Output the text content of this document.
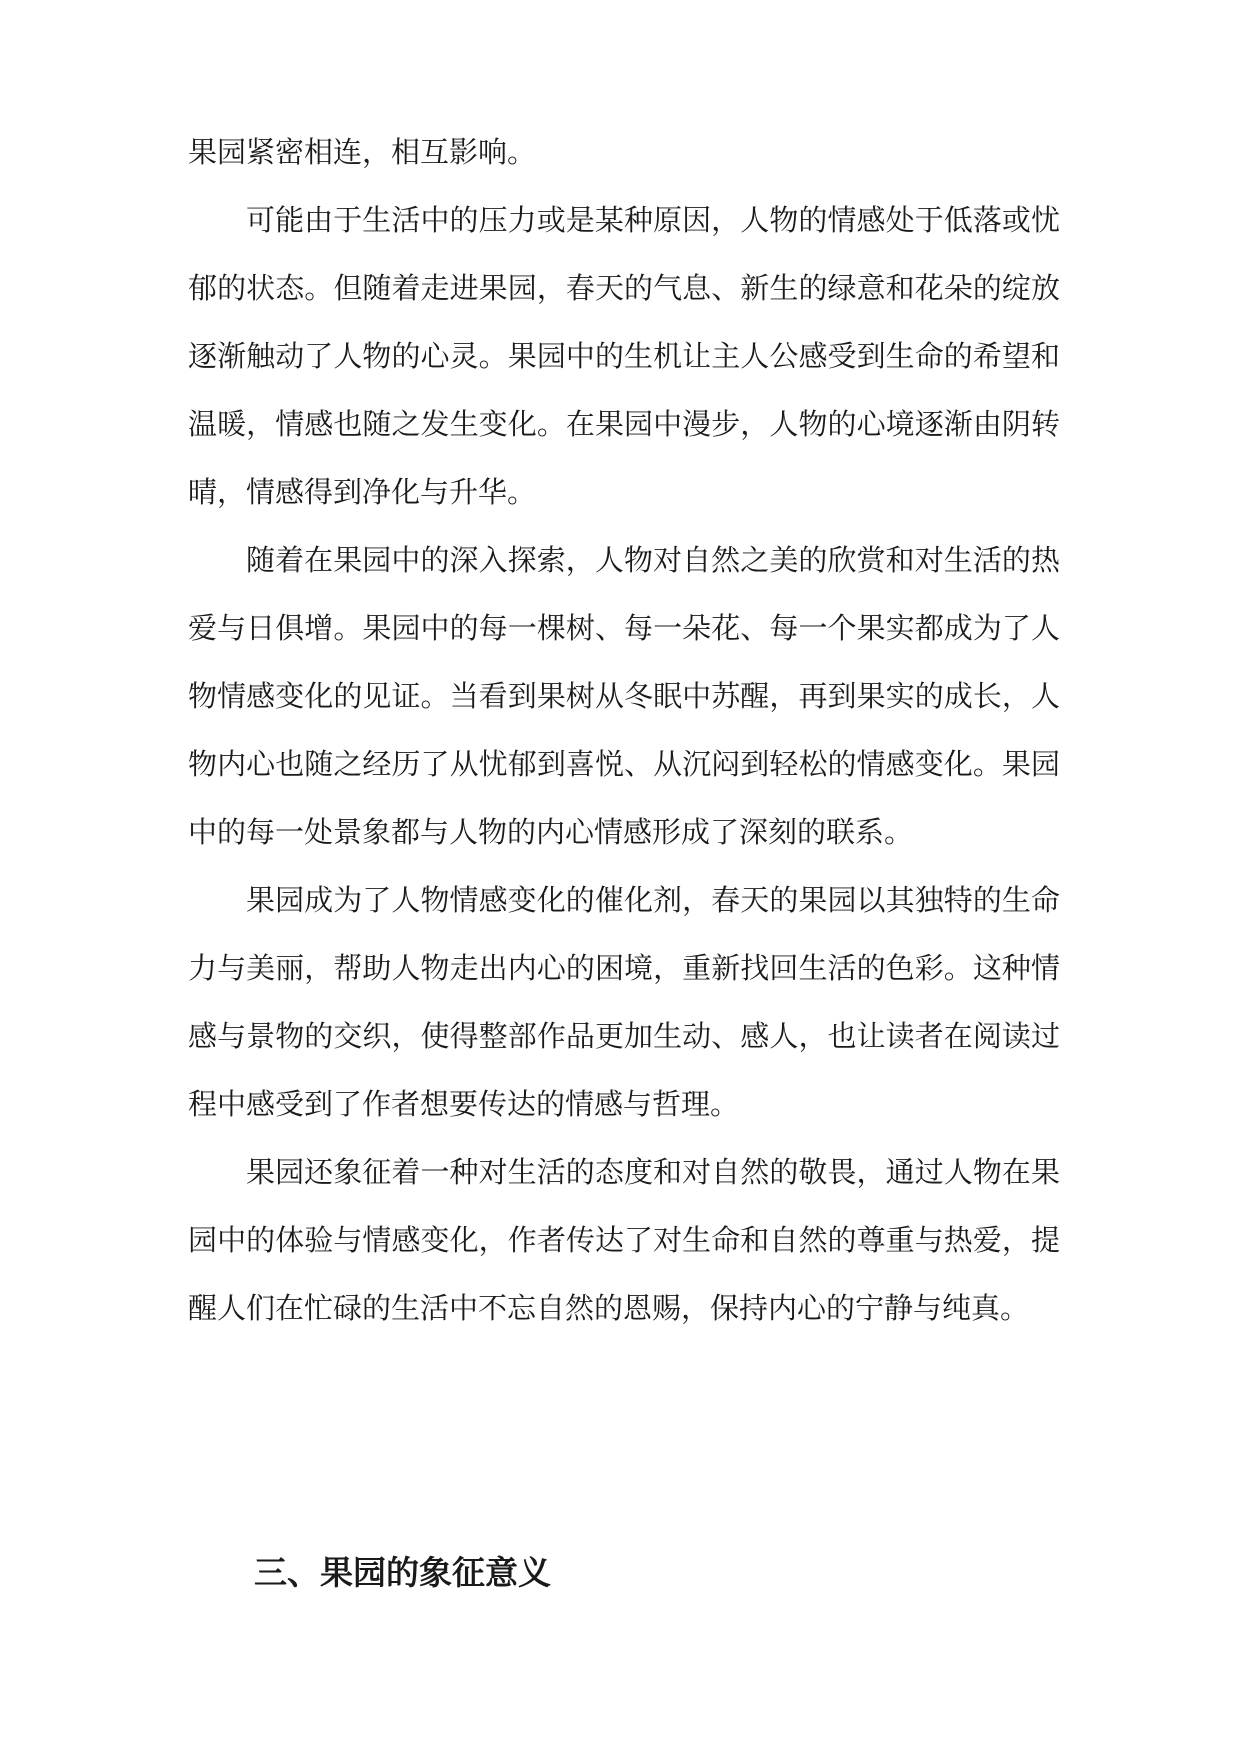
果园紧密相连，相互影响。
可能由于生活中的压力或是某种原因，人物的情感处于低落或忧
郁的状态。但随着走进果园，春天的气息、新生的绿意和花朵的绽放
逐渐触动了人物的心灵。果园中的生机让主人公感受到生命的希望和
温暖，情感也随之发生变化。在果园中漫步，人物的心境逐渐由阴转
晴，情感得到净化与升华。
随着在果园中的深入探索，人物对自然之美的欣赏和对生活的热
爱与日俱增。果园中的每一棵树、每一朵花、每一个果实都成为了人
物情感变化的见证。当看到果树从冬眠中苏醒，再到果实的成长，人
物内心也随之经历了从忧郁到喜悦、从沉闷到轻松的情感变化。果园
中的每一处景象都与人物的内心情感形成了深刻的联系。
果园成为了人物情感变化的催化剂，春天的果园以其独特的生命
力与美丽，帮助人物走出内心的困境，重新找回生活的色彩。这种情
感与景物的交织，使得整部作品更加生动、感人，也让读者在阅读过
程中感受到了作者想要传达的情感与哲理。
果园还象征着一种对生活的态度和对自然的敬畏，通过人物在果
园中的体验与情感变化，作者传达了对生命和自然的尊重与热爱，提
醒人们在忙碌的生活中不忘自然的恩赐，保持内心的宁静与纯真。
三、果园的象征意义
